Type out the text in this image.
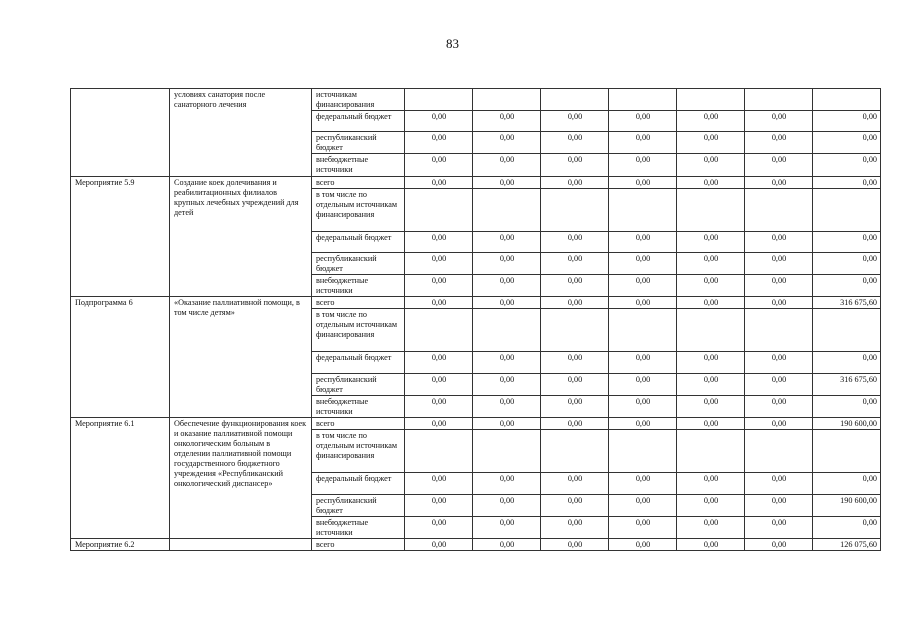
83
	условиях санатория после санаторного лечения	источникам финансирования							
		федеральный бюджет	0,00	0,00	0,00	0,00	0,00	0,00	0,00
		республиканский бюджет	0,00	0,00	0,00	0,00	0,00	0,00	0,00
		внебюджетные источники	0,00	0,00	0,00	0,00	0,00	0,00	0,00
Мероприятие 5.9	Создание коек долечивания и реабилитационных филиалов крупных лечебных учреждений для детей	всего	0,00	0,00	0,00	0,00	0,00	0,00	0,00
		в том числе по отдельным источникам финансирования							
		федеральный бюджет	0,00	0,00	0,00	0,00	0,00	0,00	0,00
		республиканский бюджет	0,00	0,00	0,00	0,00	0,00	0,00	0,00
		внебюджетные источники	0,00	0,00	0,00	0,00	0,00	0,00	0,00
Подпрограмма 6	«Оказание паллиативной помощи, в том числе детям»	всего	0,00	0,00	0,00	0,00	0,00	0,00	316 675,60
		в том числе по отдельным источникам финансирования							
		федеральный бюджет	0,00	0,00	0,00	0,00	0,00	0,00	0,00
		республиканский бюджет	0,00	0,00	0,00	0,00	0,00	0,00	316 675,60
		внебюджетные источники	0,00	0,00	0,00	0,00	0,00	0,00	0,00
Мероприятие 6.1	Обеспечение функционирования коек и оказание паллиативной помощи онкологическим больным в отделении паллиативной помощи государственного бюджетного учреждения «Республиканский онкологический диспансер»	всего	0,00	0,00	0,00	0,00	0,00	0,00	190 600,00
		в том числе по отдельным источникам финансирования							
		федеральный бюджет	0,00	0,00	0,00	0,00	0,00	0,00	0,00
		республиканский бюджет	0,00	0,00	0,00	0,00	0,00	0,00	190 600,00
		внебюджетные источники	0,00	0,00	0,00	0,00	0,00	0,00	0,00
Мероприятие 6.2		всего	0,00	0,00	0,00	0,00	0,00	0,00	126 075,60
